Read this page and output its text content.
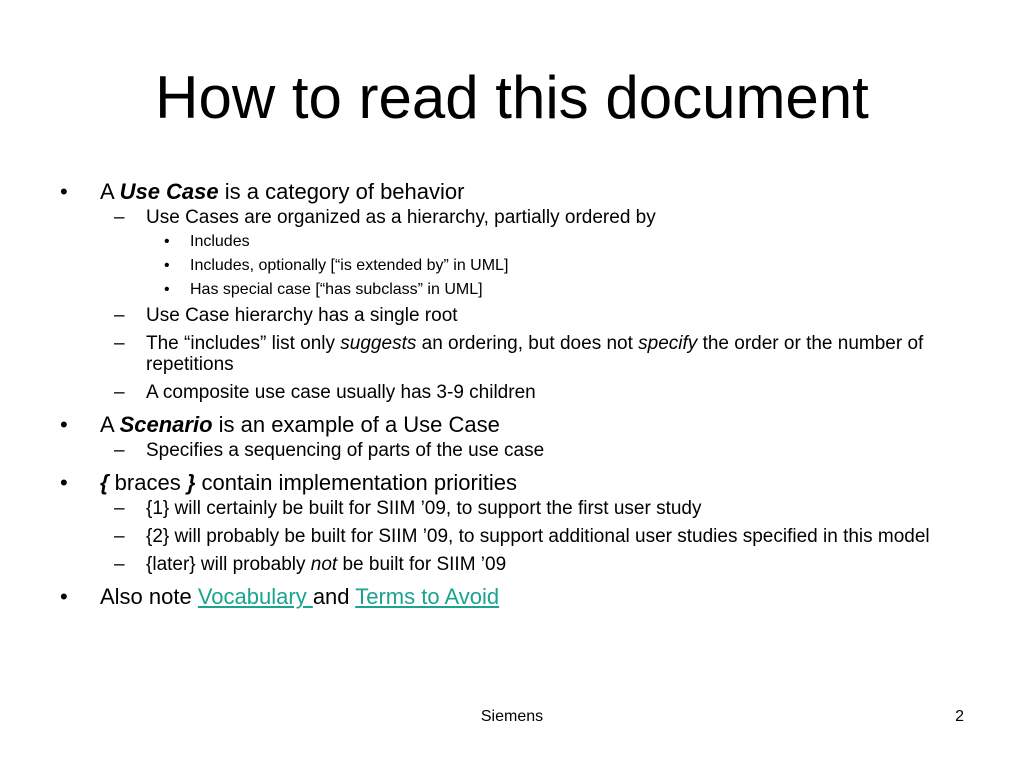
How to read this document
• A Use Case is a category of behavior
– Use Cases are organized as a hierarchy, partially ordered by
• Includes
• Includes, optionally [“is extended by” in UML]
• Has special case [“has subclass” in UML]
– Use Case hierarchy has a single root
– The “includes” list only suggests an ordering, but does not specify the order or the number of repetitions
– A composite use case usually has 3-9 children
• A Scenario is an example of a Use Case
– Specifies a sequencing of parts of the use case
• { braces } contain implementation priorities
– {1} will certainly be built for SIIM ’09, to support the first user study
– {2} will probably be built for SIIM ’09, to support additional user studies specified in this model
– {later} will probably not be built for SIIM ’09
• Also note Vocabulary and Terms to Avoid
Siemens	2
